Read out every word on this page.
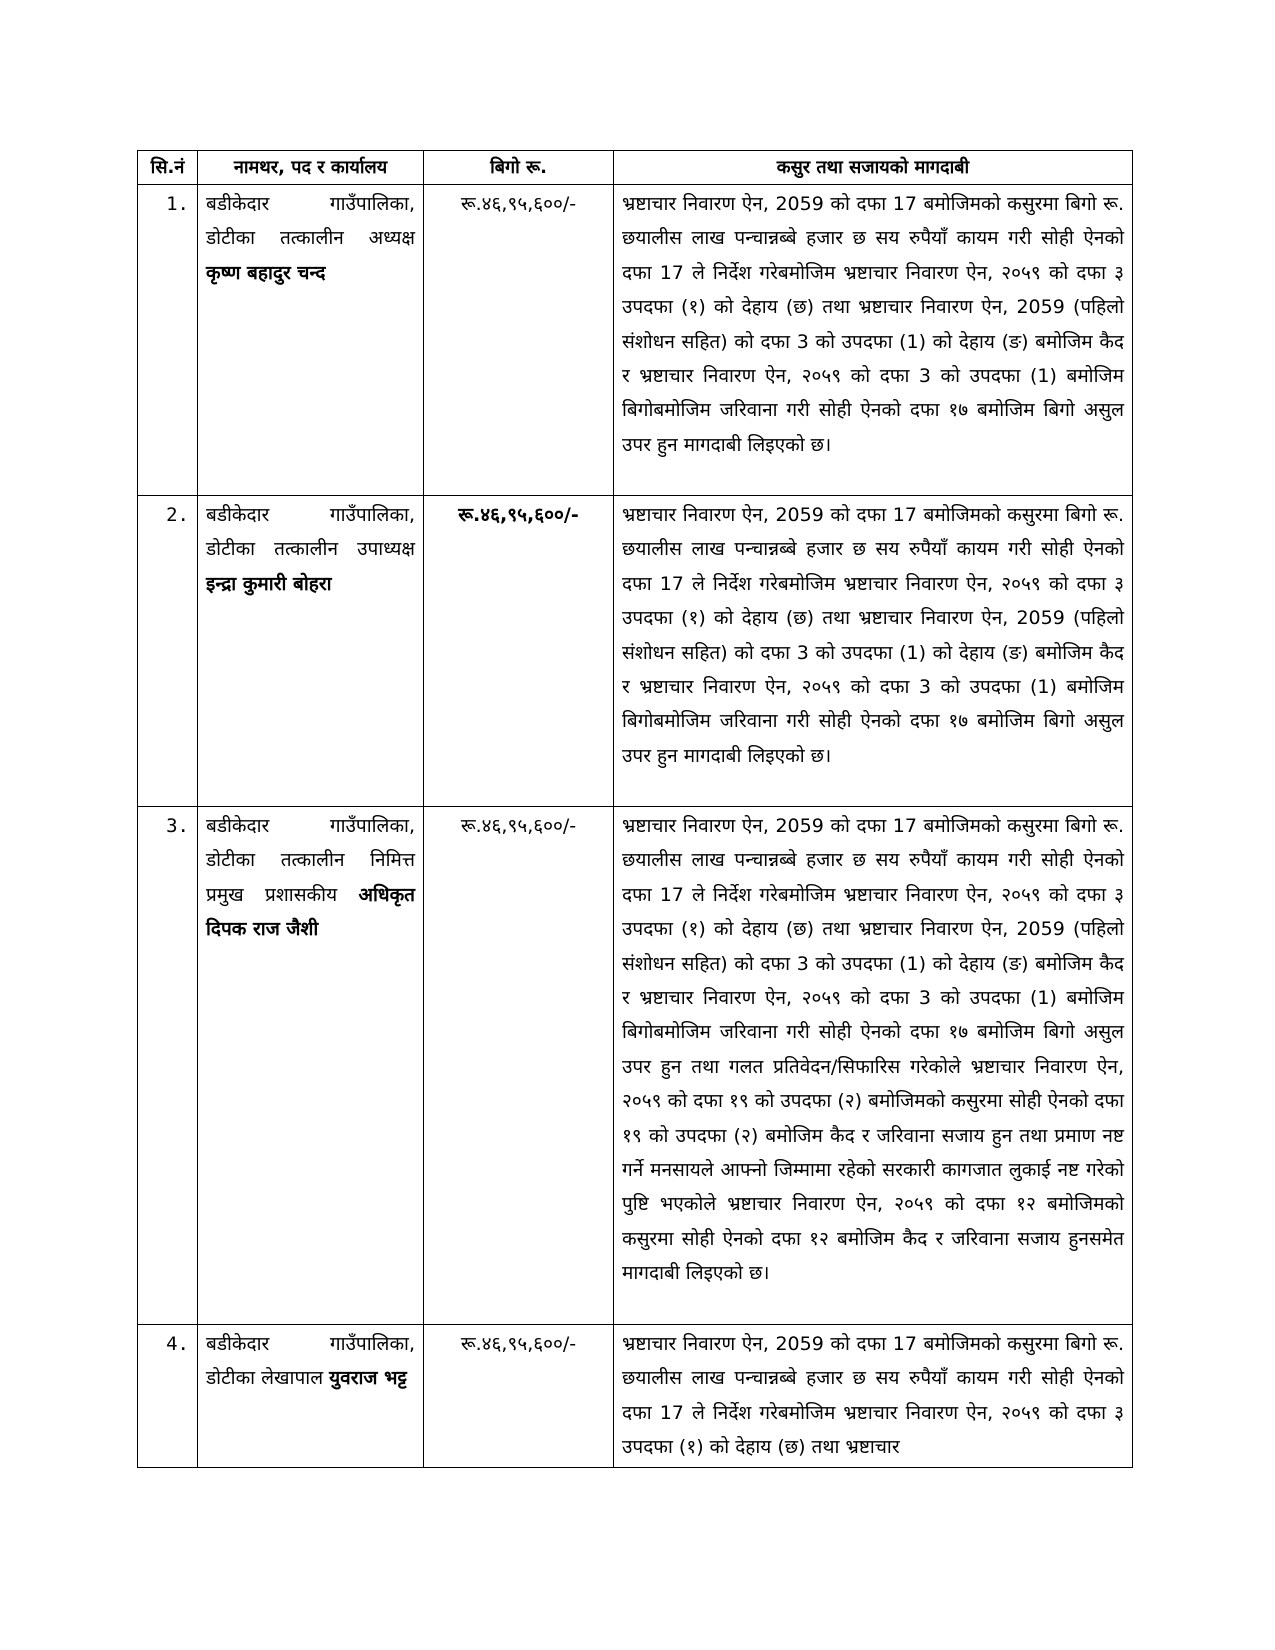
सि.नं	नामथर, पद र कार्यालय	बिगो रू.	कसुर तथा सजायको मागदाबी
1.	बडीकेदार गाउँपालिका, डोटीका तत्कालीन अध्यक्ष कृष्ण बहादुर चन्द	रू.४६,९५,६००/-	भ्रष्टाचार निवारण ऐन, 2059 को दफा 17 बमोजिमको कसुरमा बिगो रू. छयालीस लाख पन्चान्नब्बे हजार छ सय रुपैयाँ कायम गरी सोही ऐनको दफा 17 ले निर्देश गरेबमोजिम भ्रष्टाचार निवारण ऐन, २०५९ को दफा ३ उपदफा (१) को देहाय (छ) तथा भ्रष्टाचार निवारण ऐन, 2059 (पहिलो संशोधन सहित) को दफा 3 को उपदफा (1) को देहाय (ङ) बमोजिम कैद र भ्रष्टाचार निवारण ऐन, २०५९ को दफा 3 को उपदफा (1) बमोजिम बिगोबमोजिम जरिवाना गरी सोही ऐनको दफा १७ बमोजिम बिगो असुल उपर हुन मागदाबी लिइएको छ।
2.	बडीकेदार गाउँपालिका, डोटीका तत्कालीन उपाध्यक्ष इन्द्रा कुमारी बोहरा	रू.४६,९५,६००/-	भ्रष्टाचार निवारण ऐन, 2059 को दफा 17 बमोजिमको कसुरमा बिगो रू. छयालीस लाख पन्चान्नब्बे हजार छ सय रुपैयाँ कायम गरी सोही ऐनको दफा 17 ले निर्देश गरेबमोजिम भ्रष्टाचार निवारण ऐन, २०५९ को दफा ३ उपदफा (१) को देहाय (छ) तथा भ्रष्टाचार निवारण ऐन, 2059 (पहिलो संशोधन सहित) को दफा 3 को उपदफा (1) को देहाय (ङ) बमोजिम कैद र भ्रष्टाचार निवारण ऐन, २०५९ को दफा 3 को उपदफा (1) बमोजिम बिगोबमोजिम जरिवाना गरी सोही ऐनको दफा १७ बमोजिम बिगो असुल उपर हुन मागदाबी लिइएको छ।
3.	बडीकेदार गाउँपालिका, डोटीका तत्कालीन निमित्त प्रमुख प्रशासकीय अधिकृत दिपक राज जैशी	रू.४६,९५,६००/-	भ्रष्टाचार निवारण ऐन, 2059 को दफा 17 बमोजिमको कसुरमा बिगो रू. छयालीस लाख पन्चान्नब्बे हजार छ सय रुपैयाँ कायम गरी सोही ऐनको दफा 17 ले निर्देश गरेबमोजिम भ्रष्टाचार निवारण ऐन, २०५९ को दफा ३ उपदफा (१) को देहाय (छ) तथा भ्रष्टाचार निवारण ऐन, 2059 (पहिलो संशोधन सहित) को दफा 3 को उपदफा (1) को देहाय (ङ) बमोजिम कैद र भ्रष्टाचार निवारण ऐन, २०५९ को दफा 3 को उपदफा (1) बमोजिम बिगोबमोजिम जरिवाना गरी सोही ऐनको दफा १७ बमोजिम बिगो असुल उपर हुन तथा गलत प्रतिवेदन/सिफारिस गरेकोले भ्रष्टाचार निवारण ऐन, २०५९ को दफा १९ को उपदफा (२) बमोजिमको कसुरमा सोही ऐनको दफा १९ को उपदफा (२) बमोजिम कैद र जरिवाना सजाय हुन तथा प्रमाण नष्ट गर्ने मनसायले आफ्नो जिम्मामा रहेको सरकारी कागजात लुकाई नष्ट गरेको पुष्टि भएकोले भ्रष्टाचार निवारण ऐन, २०५९ को दफा १२ बमोजिमको कसुरमा सोही ऐनको दफा १२ बमोजिम कैद र जरिवाना सजाय हुनसमेत मागदाबी लिइएको छ।
4.	बडीकेदार गाउँपालिका, डोटीका लेखापाल युवराज भट्ट	रू.४६,९५,६००/-	भ्रष्टाचार निवारण ऐन, 2059 को दफा 17 बमोजिमको कसुरमा बिगो रू. छयालीस लाख पन्चान्नब्बे हजार छ सय रुपैयाँ कायम गरी सोही ऐनको दफा 17 ले निर्देश गरेबमोजिम भ्रष्टाचार निवारण ऐन, २०५९ को दफा ३ उपदफा (१) को देहाय (छ) तथा भ्रष्टाचार
